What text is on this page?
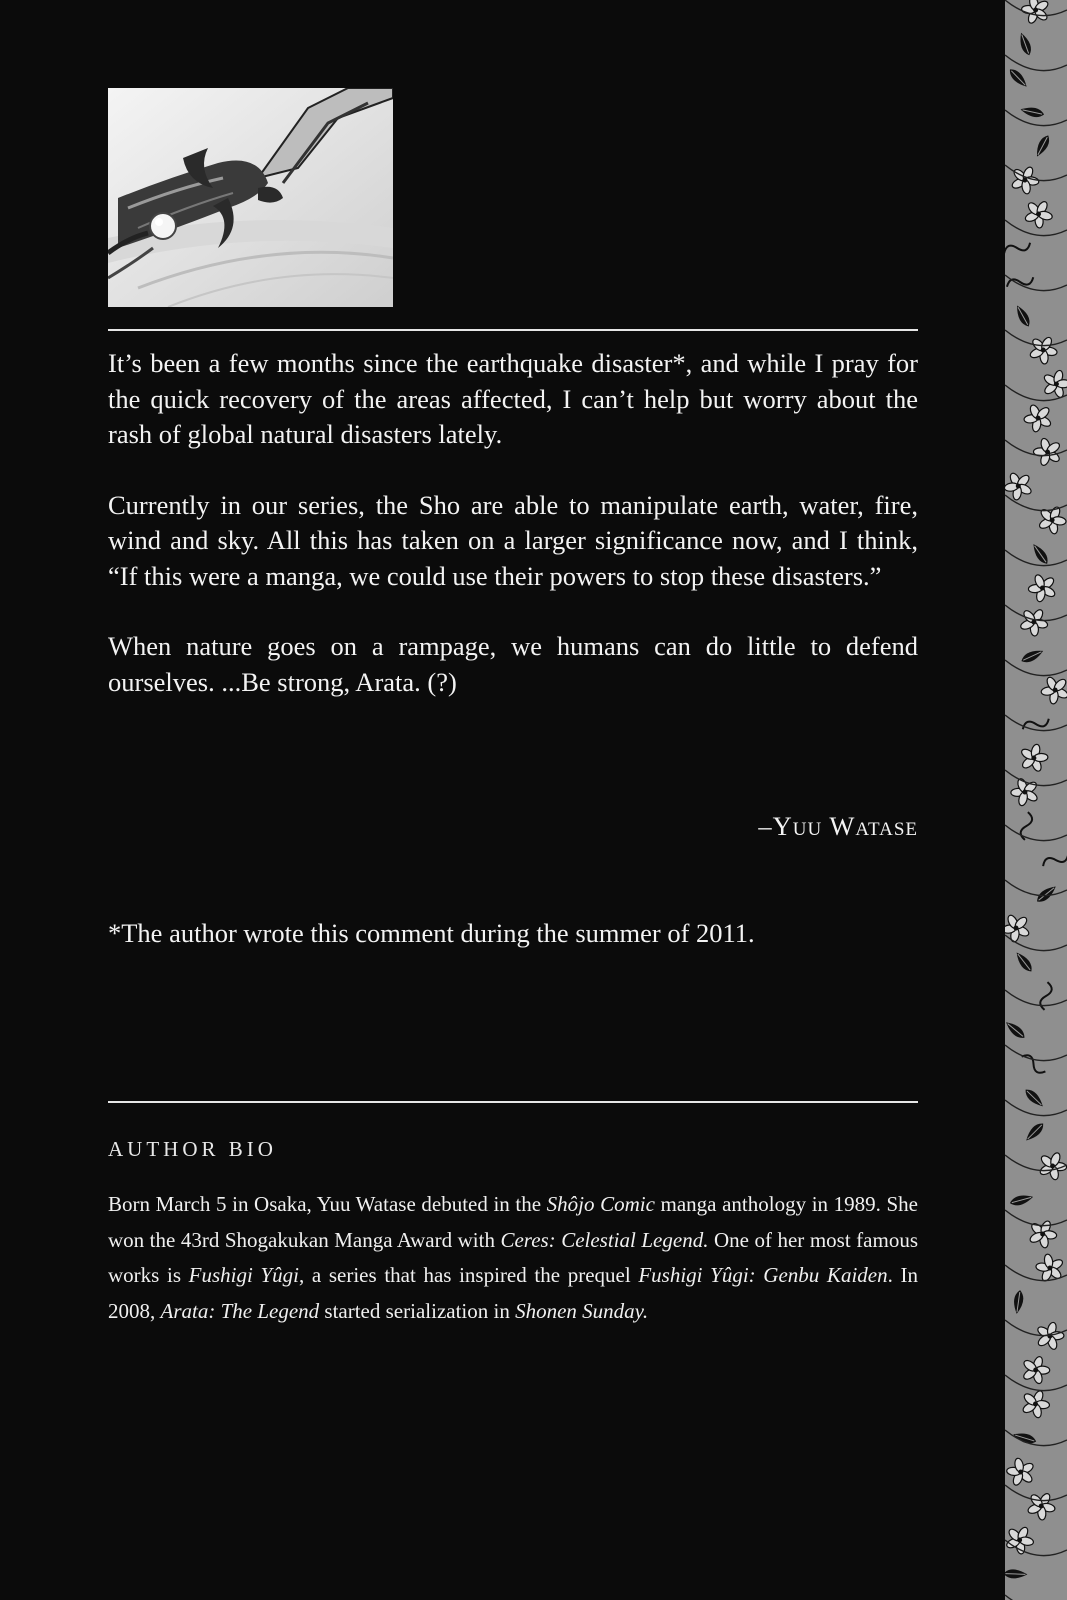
It’s been a few months since the earthquake disaster*, and while I pray for the quick recovery of the areas affected, I can’t help but worry about the rash of global natural disasters lately.

Currently in our series, the Sho are able to manipulate earth, water, fire, wind and sky. All this has taken on a larger significance now, and I think, “If this were a manga, we could use their powers to stop these disasters.”

When nature goes on a rampage, we humans can do little to defend ourselves. ...Be strong, Arata. (?)

–Yuu Watase
*The author wrote this comment during the summer of 2011.
AUTHOR BIO
Born March 5 in Osaka, Yuu Watase debuted in the Shôjo Comic manga anthology in 1989. She won the 43rd Shogakukan Manga Award with Ceres: Celestial Legend. One of her most famous works is Fushigi Yûgi, a series that has inspired the prequel Fushigi Yûgi: Genbu Kaiden. In 2008, Arata: The Legend started serialization in Shonen Sunday.
